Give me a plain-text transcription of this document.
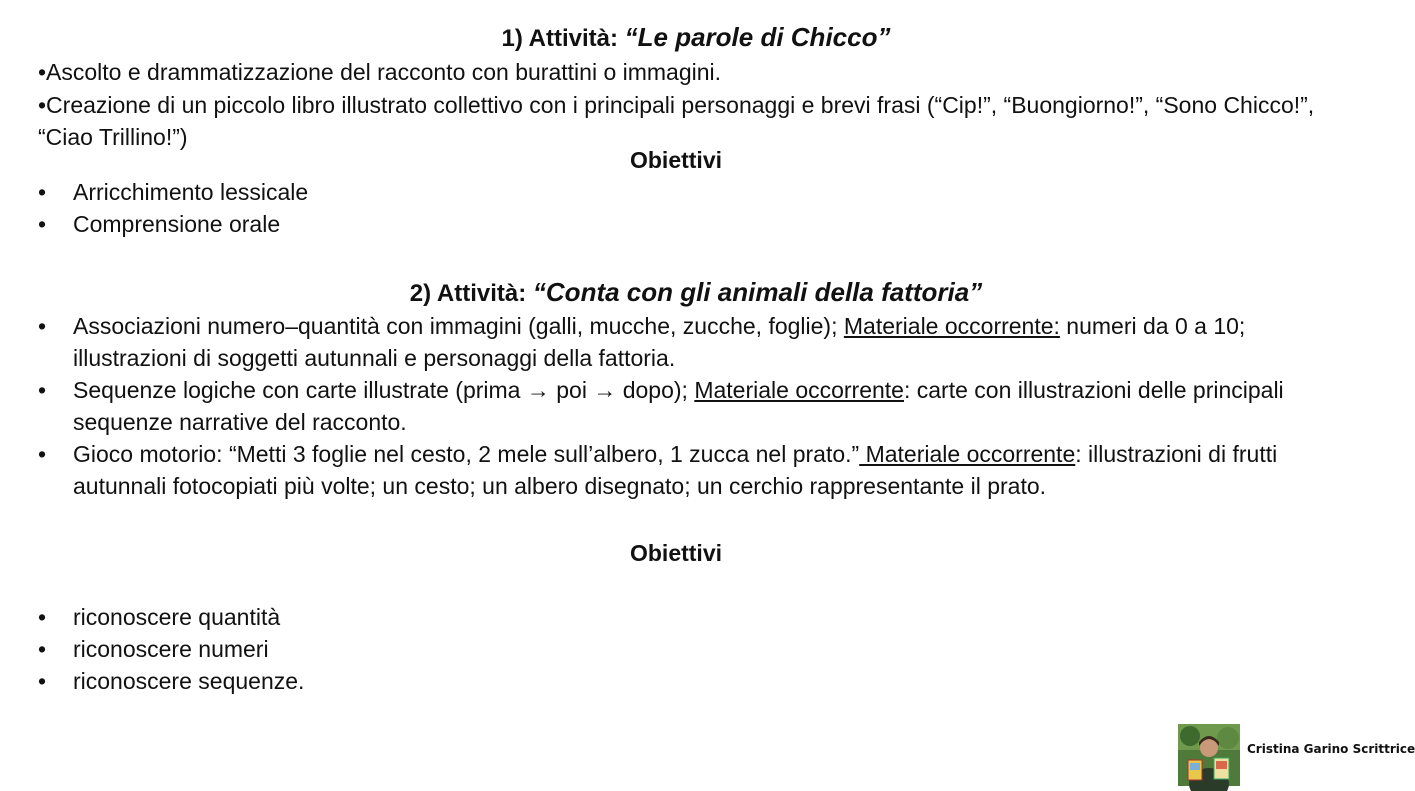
1) Attività: “Le parole di Chicco”
•Ascolto e drammatizzazione del racconto con burattini o immagini.
•Creazione di un piccolo libro illustrato collettivo con i principali personaggi e brevi frasi (“Cip!”, “Buongiorno!”, “Sono Chicco!”, “Ciao Trillino!”)
Obiettivi
• Arricchimento lessicale
• Comprensione orale
2) Attività: “Conta con gli animali della fattoria”
• Associazioni numero–quantità con immagini (galli, mucche, zucche, foglie); Materiale occorrente: numeri da 0 a 10; illustrazioni di soggetti autunnali e personaggi della fattoria.
• Sequenze logiche con carte illustrate (prima → poi → dopo); Materiale occorrente: carte con illustrazioni delle principali sequenze narrative del racconto.
• Gioco motorio: “Metti 3 foglie nel cesto, 2 mele sull’albero, 1 zucca nel prato.” Materiale occorrente: illustrazioni di frutti autunnali fotocopiati più volte; un cesto; un albero disegnato; un cerchio rappresentante il prato.
Obiettivi
• riconoscere quantità
• riconoscere numeri
• riconoscere sequenze.
Cristina Garino Scrittrice
